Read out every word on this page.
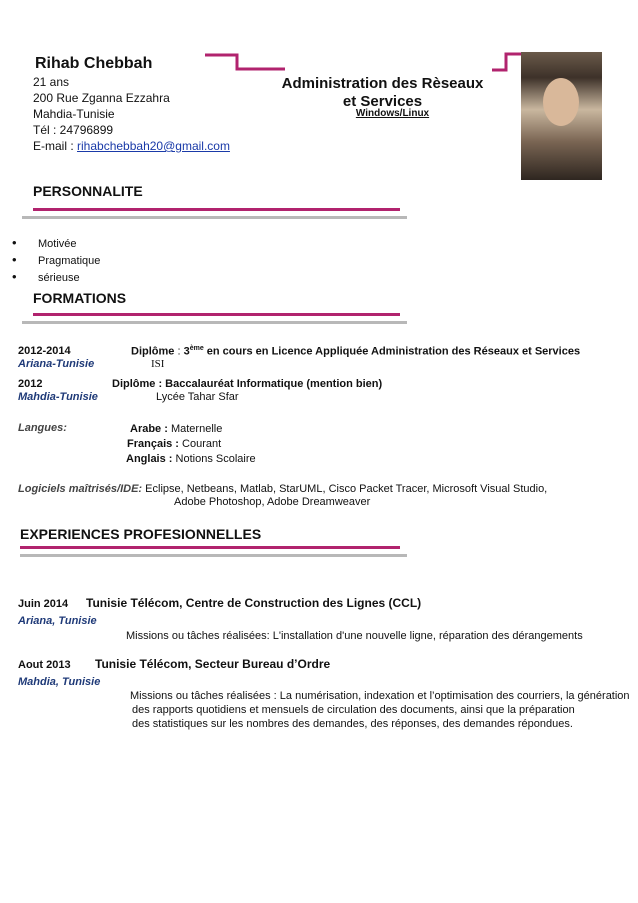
Rihab Chebbah
21 ans
200 Rue Zganna Ezzahra
Mahdia-Tunisie
Tél : 24796899
E-mail : rihabchebbah20@gmail.com
Administration des Rèseaux
et Services
Windows/Linux
PERSONNALITE
• Motivée
• Pragmatique
• sérieuse
FORMATIONS
2012-2014
Ariana-Tunisie
Diplôme : 3ème en cours en Licence Appliquée Administration des Réseaux et Services
ISI
2012
Mahdia-Tunisie
Diplôme : Baccalauréat Informatique (mention bien)
Lycée Tahar Sfar
Langues:	Arabe : Maternelle
Français : Courant
Anglais : Notions Scolaire
Logiciels maîtrisés/IDE: Eclipse, Netbeans, Matlab, StarUML, Cisco Packet Tracer, Microsoft Visual Studio,
Adobe Photoshop, Adobe Dreamweaver
EXPERIENCES PROFESIONNELLES
Juin 2014 Tunisie Télécom, Centre de Construction des Lignes (CCL)
Ariana, Tunisie
Missions ou tâches réalisées: L'installation d'une nouvelle ligne, réparation des dérangements
Aout 2013 Tunisie Télécom, Secteur Bureau d’Ordre
Mahdia, Tunisie
Missions ou tâches réalisées : La numérisation, indexation et l’optimisation des courriers, la génération
des rapports quotidiens et mensuels de circulation des documents, ainsi que la préparation
des statistiques sur les nombres des demandes, des réponses, des demandes répondues.
